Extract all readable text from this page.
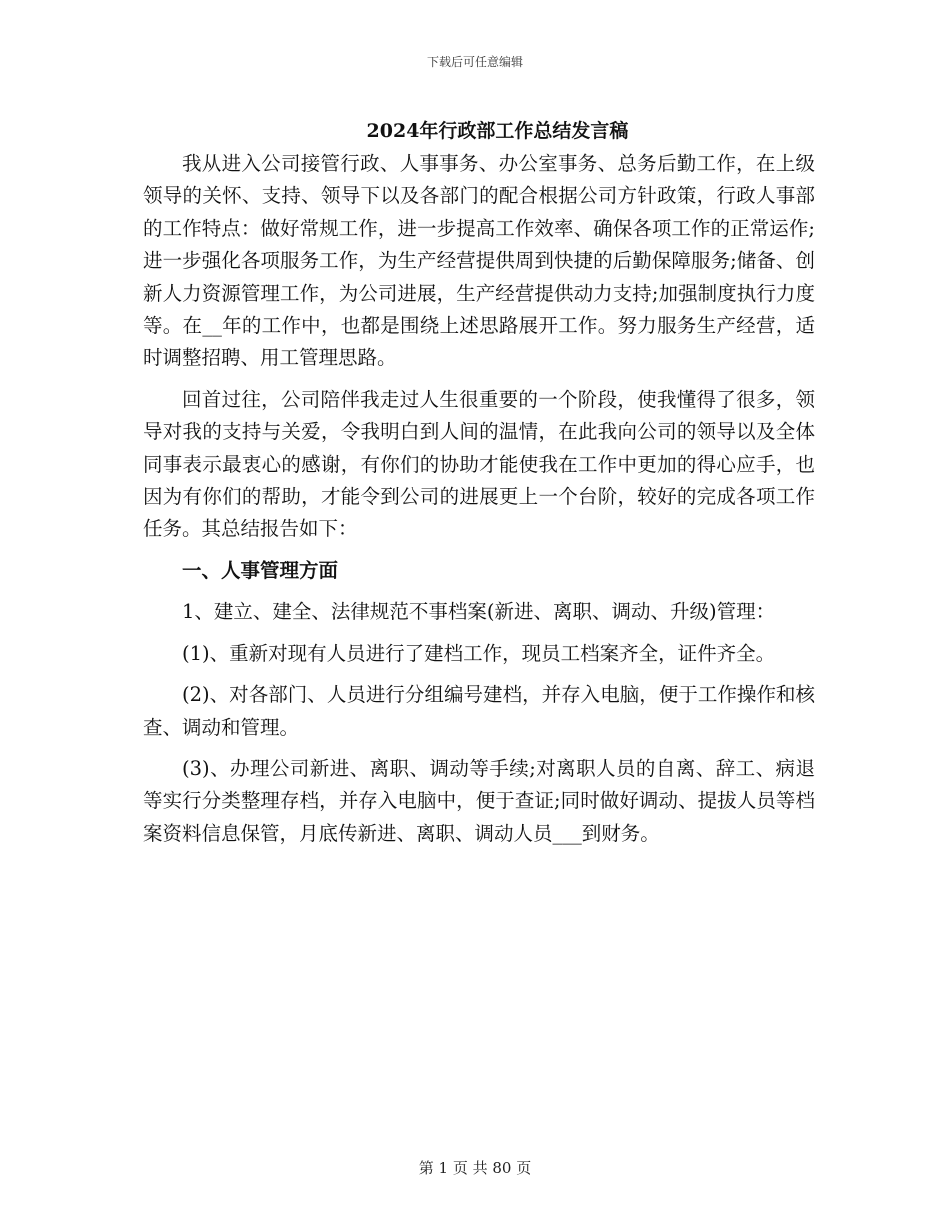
下载后可任意编辑
2024年行政部工作总结发言稿

我从进入公司接管行政、人事事务、办公室事务、总务后勤工作，在上级领导的关怀、支持、领导下以及各部门的配合根据公司方针政策，行政人事部的工作特点：做好常规工作，进一步提高工作效率、确保各项工作的正常运作;进一步强化各项服务工作，为生产经营提供周到快捷的后勤保障服务;储备、创新人力资源管理工作，为公司进展，生产经营提供动力支持;加强制度执行力度等。在__年的工作中，也都是围绕上述思路展开工作。努力服务生产经营，适时调整招聘、用工管理思路。

回首过往，公司陪伴我走过人生很重要的一个阶段，使我懂得了很多，领导对我的支持与关爱，令我明白到人间的温情，在此我向公司的领导以及全体同事表示最衷心的感谢，有你们的协助才能使我在工作中更加的得心应手，也因为有你们的帮助，才能令到公司的进展更上一个台阶，较好的完成各项工作任务。其总结报告如下：

一、人事管理方面

1、建立、建全、法律规范不事档案(新进、离职、调动、升级)管理：

(1)、重新对现有人员进行了建档工作，现员工档案齐全，证件齐全。

(2)、对各部门、人员进行分组编号建档，并存入电脑，便于工作操作和核查、调动和管理。

(3)、办理公司新进、离职、调动等手续;对离职人员的自离、辞工、病退等实行分类整理存档，并存入电脑中，便于查证;同时做好调动、提拔人员等档案资料信息保管，月底传新进、离职、调动人员___到财务。

第 1 页 共 80 页
